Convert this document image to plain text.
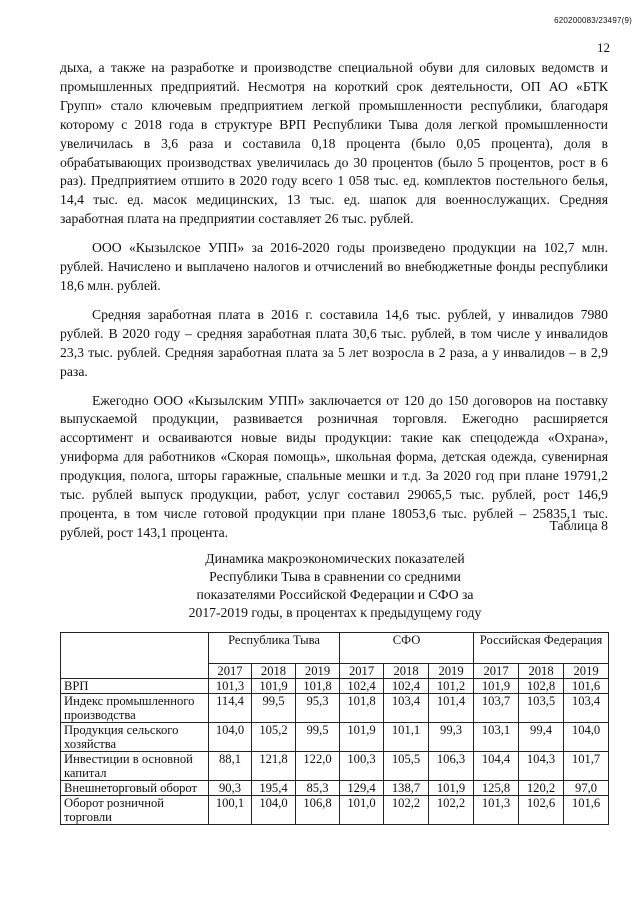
620200083/23497(9)
12

дыха, а также на разработке и производстве специальной обуви для силовых ведомств и промышленных предприятий. Несмотря на короткий срок деятельности, ОП АО «БТК Групп» стало ключевым предприятием легкой промышленности республики, благодаря которому с 2018 года в структуре ВРП Республики Тыва доля легкой промышленности увеличилась в 3,6 раза и составила 0,18 процента (было 0,05 процента), доля в обрабатывающих производствах увеличилась до 30 процентов (было 5 процентов, рост в 6 раз). Предприятием отшито в 2020 году всего 1 058 тыс. ед. комплектов постельного белья, 14,4 тыс. ед. масок медицинских, 13 тыс. ед. шапок для военнослужащих. Средняя заработная плата на предприятии составляет 26 тыс. рублей.

ООО «Кызылское УПП» за 2016-2020 годы произведено продукции на 102,7 млн. рублей. Начислено и выплачено налогов и отчислений во внебюджетные фонды республики 18,6 млн. рублей.

Средняя заработная плата в 2016 г. составила 14,6 тыс. рублей, у инвалидов 7980 рублей. В 2020 году – средняя заработная плата 30,6 тыс. рублей, в том числе у инвалидов 23,3 тыс. рублей. Средняя заработная плата за 5 лет возросла в 2 раза, а у инвалидов – в 2,9 раза.

Ежегодно ООО «Кызылским УПП» заключается от 120 до 150 договоров на поставку выпускаемой продукции, развивается розничная торговля. Ежегодно расширяется ассортимент и осваиваются новые виды продукции: такие как спецодежда «Охрана», униформа для работников «Скорая помощь», школьная форма, детская одежда, сувенирная продукция, полога, шторы гаражные, спальные мешки и т.д. За 2020 год при плане 19791,2 тыс. рублей выпуск продукции, работ, услуг составил 29065,5 тыс. рублей, рост 146,9 процента, в том числе готовой продукции при плане 18053,6 тыс. рублей – 25835,1 тыс. рублей, рост 143,1 процента.	Таблица 8
Динамика макроэкономических показателей
Республики Тыва в сравнении со средними
показателями Российской Федерации и СФО за
2017-2019 годы, в процентах к предыдущему году
	Республика Тыва			СФО			Российская Федерация		
	2017	2018	2019	2017	2018	2019	2017	2018	2019
ВРП	101,3	101,9	101,8	102,4	102,4	101,2	101,9	102,8	101,6
Индекс промышленного производства	114,4	99,5	95,3	101,8	103,4	101,4	103,7	103,5	103,4
Продукция сельского хозяйства	104,0	105,2	99,5	101,9	101,1	99,3	103,1	99,4	104,0
Инвестиции в основной капитал	88,1	121,8	122,0	100,3	105,5	106,3	104,4	104,3	101,7
Внешнеторговый оборот	90,3	195,4	85,3	129,4	138,7	101,9	125,8	120,2	97,0
Оборот розничной торговли	100,1	104,0	106,8	101,0	102,2	102,2	101,3	102,6	101,6
